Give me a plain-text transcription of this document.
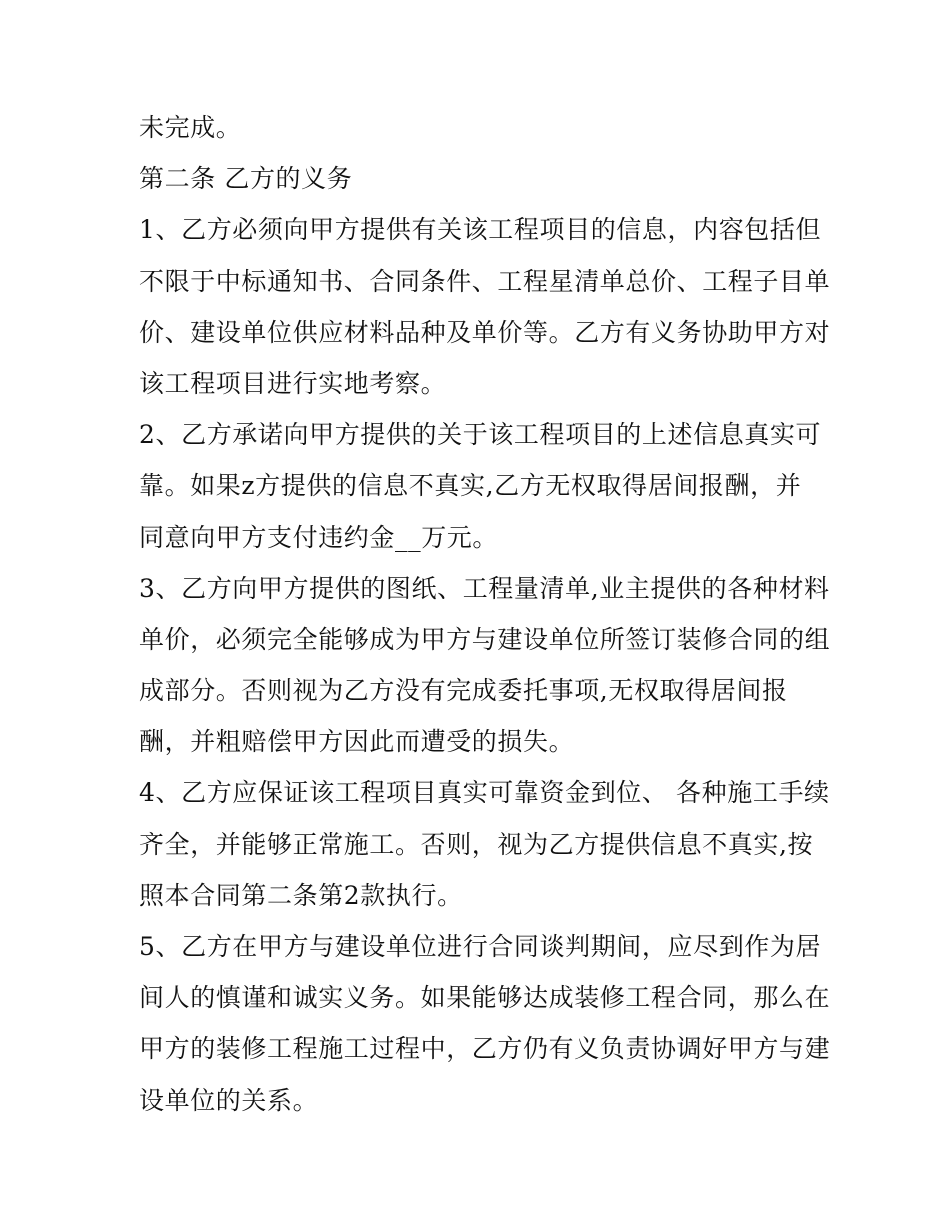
未完成。
第二条 乙方的义务
1、乙方必须向甲方提供有关该工程项目的信息，内容包括但
不限于中标通知书、合同条件、工程星清单总价、工程子目单
价、建设单位供应材料品种及单价等。乙方有义务协助甲方对
该工程项目进行实地考察。
2、乙方承诺向甲方提供的关于该工程项目的上述信息真实可
靠。如果z方提供的信息不真实,乙方无权取得居间报酬，并
同意向甲方支付违约金__万元。
3、乙方向甲方提供的图纸、工程量清单,业主提供的各种材料
单价，必须完全能够成为甲方与建设单位所签订装修合同的组
成部分。否则视为乙方没有完成委托事项,无权取得居间报
酬，并粗赔偿甲方因此而遭受的损失。
4、乙方应保证该工程项目真实可靠资金到位、 各种施工手续
齐全，并能够正常施工。否则，视为乙方提供信息不真实,按
照本合同第二条第2款执行。
5、乙方在甲方与建设单位进行合同谈判期间，应尽到作为居
间人的慎谨和诚实义务。如果能够达成装修工程合同，那么在
甲方的装修工程施工过程中，乙方仍有义负责协调好甲方与建
设单位的关系。
